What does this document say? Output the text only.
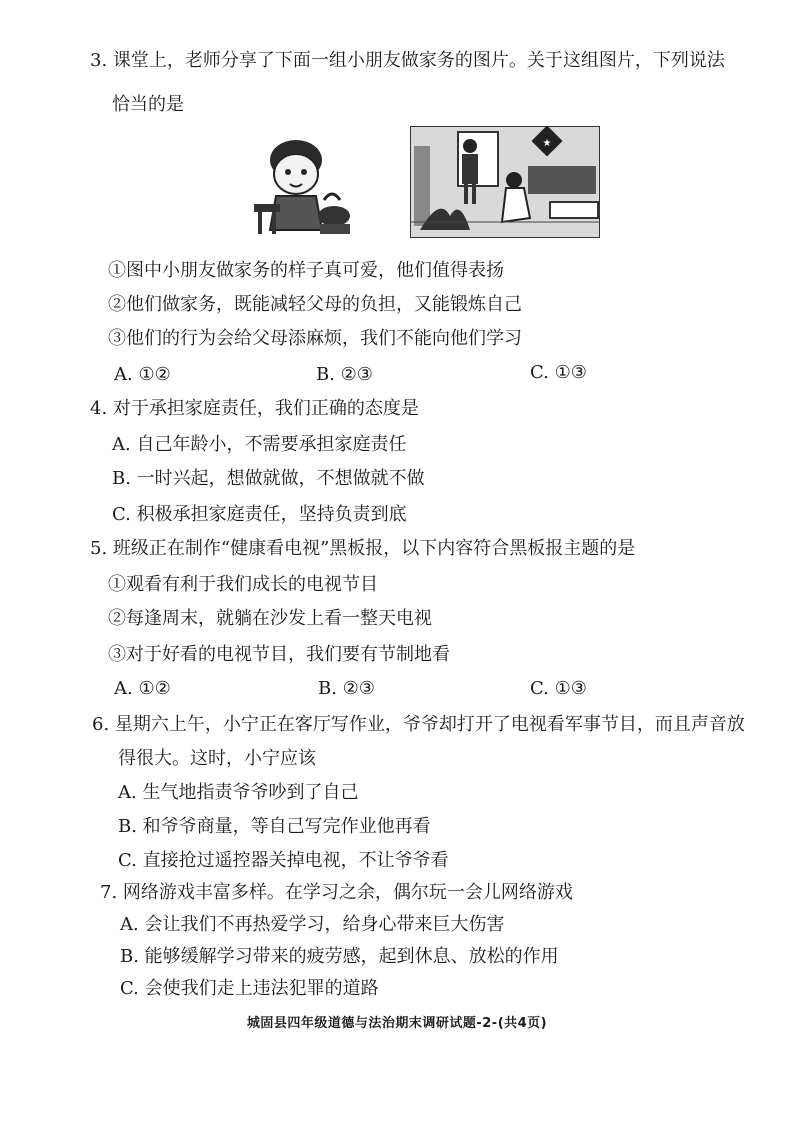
3. 课堂上，老师分享了下面一组小朋友做家务的图片。关于这组图片，下列说法
恰当的是
★
①图中小朋友做家务的样子真可爱，他们值得表扬
②他们做家务，既能减轻父母的负担，又能锻炼自己
③他们的行为会给父母添麻烦，我们不能向他们学习
A. ①②	B. ②③	C. ①③
4. 对于承担家庭责任，我们正确的态度是
A. 自己年龄小，不需要承担家庭责任
B. 一时兴起，想做就做，不想做就不做
C. 积极承担家庭责任，坚持负责到底
5. 班级正在制作“健康看电视”黑板报，以下内容符合黑板报主题的是
①观看有利于我们成长的电视节目
②每逢周末，就躺在沙发上看一整天电视
③对于好看的电视节目，我们要有节制地看
A. ①②	B. ②③	C. ①③
6. 星期六上午，小宁正在客厅写作业，爷爷却打开了电视看军事节目，而且声音放
得很大。这时，小宁应该
A. 生气地指责爷爷吵到了自己
B. 和爷爷商量，等自己写完作业他再看
C. 直接抢过遥控器关掉电视，不让爷爷看
7. 网络游戏丰富多样。在学习之余，偶尔玩一会儿网络游戏
A. 会让我们不再热爱学习，给身心带来巨大伤害
B. 能够缓解学习带来的疲劳感，起到休息、放松的作用
C. 会使我们走上违法犯罪的道路
城固县四年级道德与法治期末调研试题-2-(共4页)
